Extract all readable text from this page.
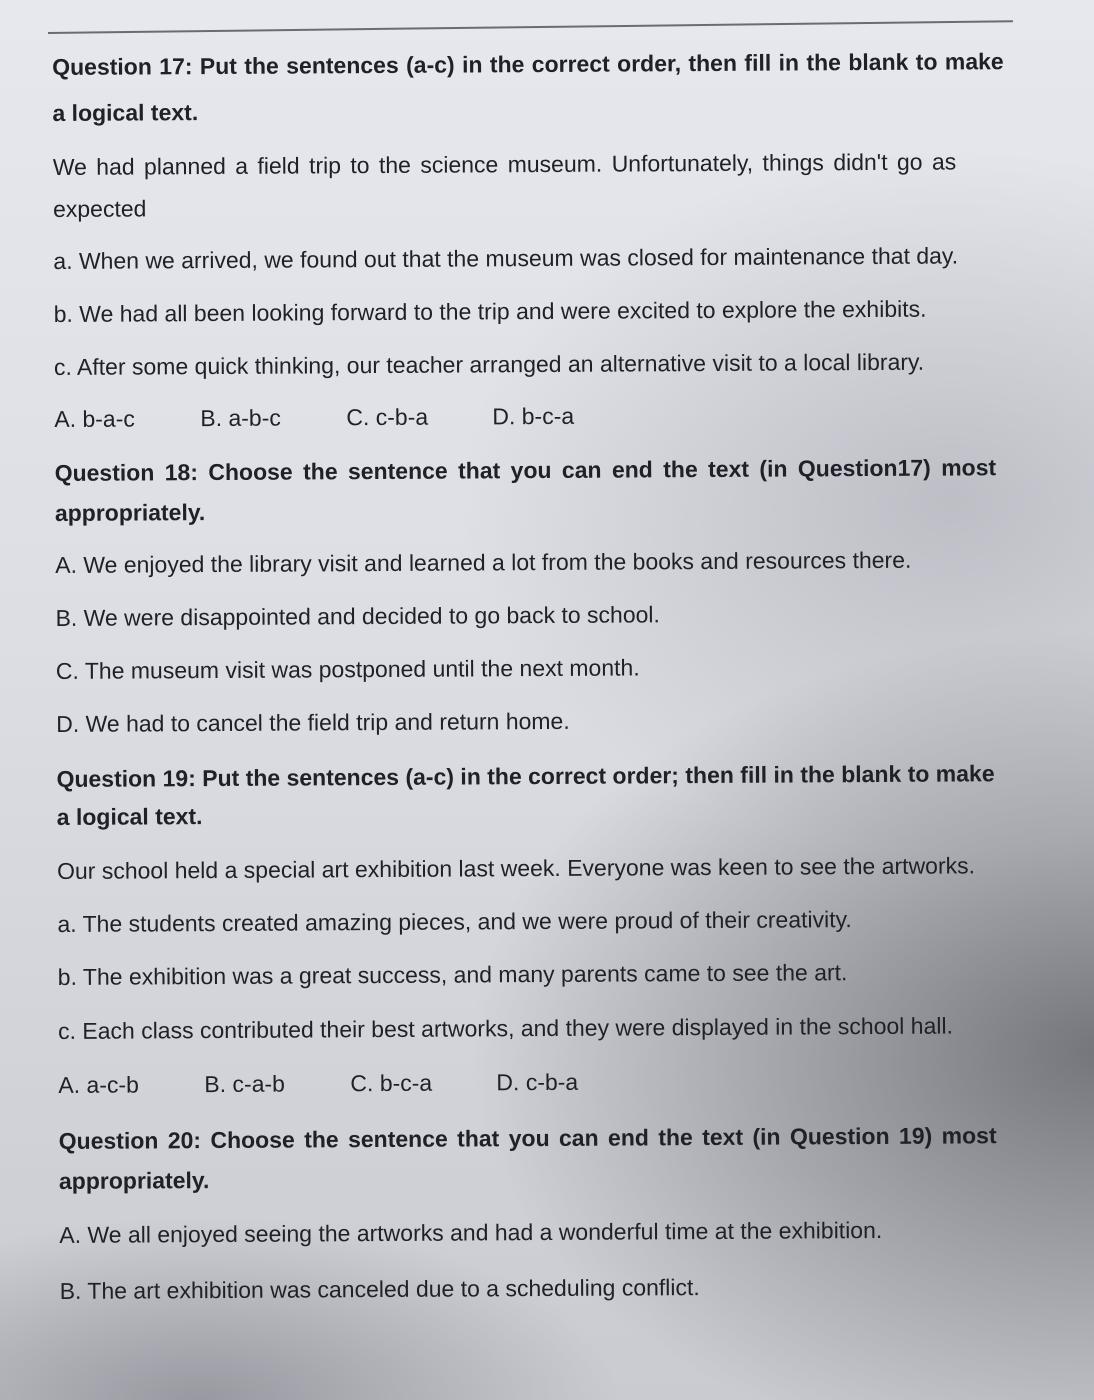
Question 17: Put the sentences (a-c) in the correct order, then fill in the blank to make
a logical text.
We had planned a field trip to the science museum. Unfortunately, things didn't go as
expected
a. When we arrived, we found out that the museum was closed for maintenance that day.
b. We had all been looking forward to the trip and were excited to explore the exhibits.
c. After some quick thinking, our teacher arranged an alternative visit to a local library.
A. b-a-c	B. a-b-c	C. c-b-a	D. b-c-a
Question 18: Choose the sentence that you can end the text (in Question17) most
appropriately.
A. We enjoyed the library visit and learned a lot from the books and resources there.
B. We were disappointed and decided to go back to school.
C. The museum visit was postponed until the next month.
D. We had to cancel the field trip and return home.
Question 19: Put the sentences (a-c) in the correct order; then fill in the blank to make
a logical text.
Our school held a special art exhibition last week. Everyone was keen to see the artworks.
a. The students created amazing pieces, and we were proud of their creativity.
b. The exhibition was a great success, and many parents came to see the art.
c. Each class contributed their best artworks, and they were displayed in the school hall.
A. a-c-b	B. c-a-b	C. b-c-a	D. c-b-a
Question 20: Choose the sentence that you can end the text (in Question 19) most
appropriately.
A. We all enjoyed seeing the artworks and had a wonderful time at the exhibition.
B. The art exhibition was canceled due to a scheduling conflict.
